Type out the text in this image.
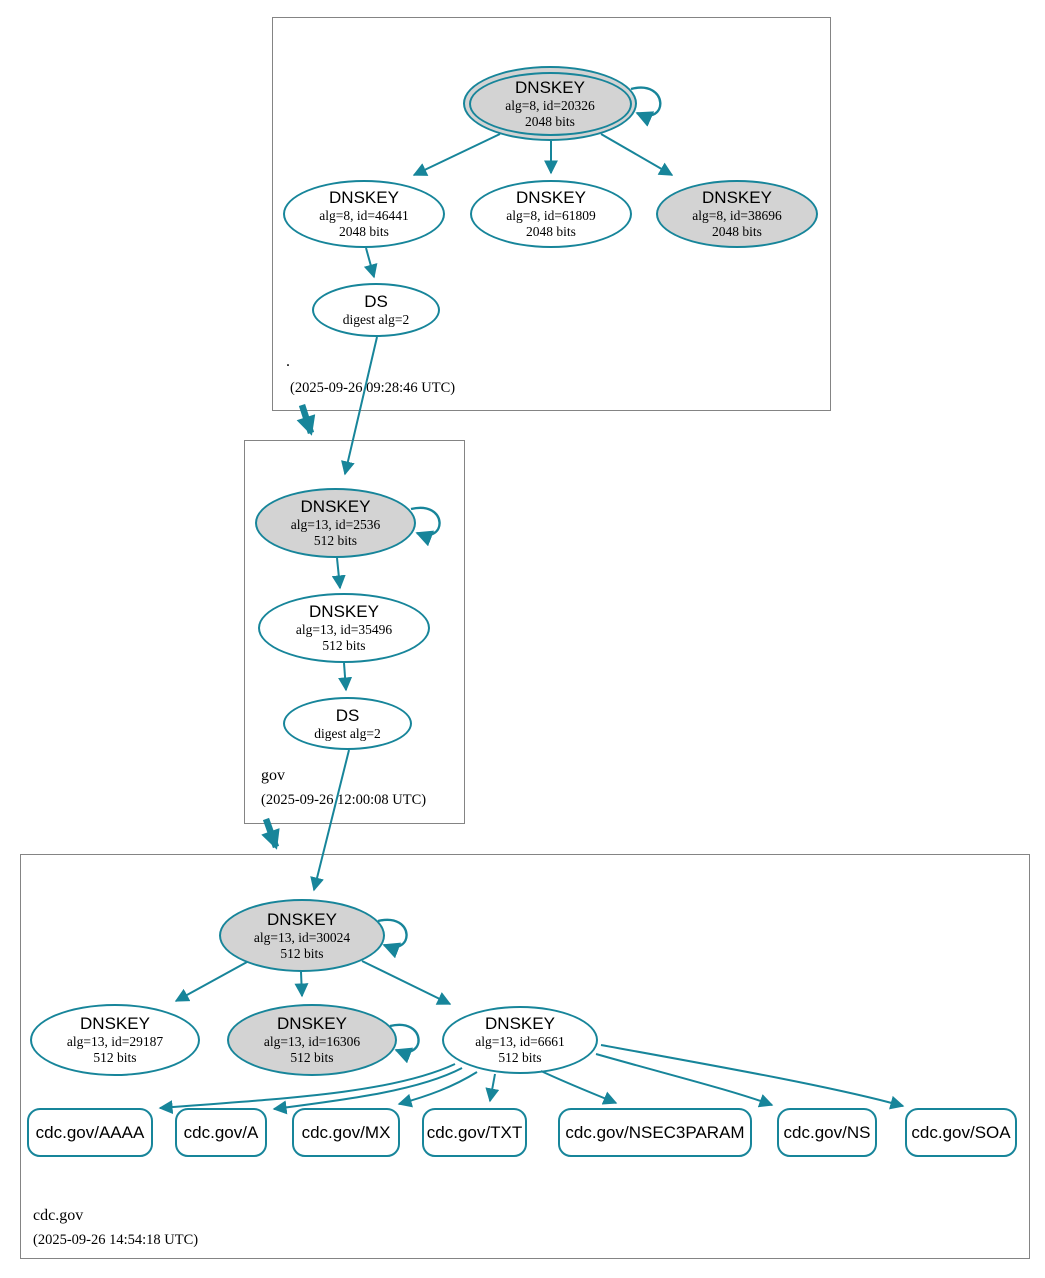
DNSKEY
alg=8, id=20326
2048 bits
DNSKEY
alg=8, id=46441
2048 bits
DNSKEY
alg=8, id=61809
2048 bits
DNSKEY
alg=8, id=38696
2048 bits
DS
digest alg=2
.
(2025-09-26 09:28:46 UTC)
DNSKEY
alg=13, id=2536
512 bits
DNSKEY
alg=13, id=35496
512 bits
DS
digest alg=2
gov
(2025-09-26 12:00:08 UTC)
DNSKEY
alg=13, id=30024
512 bits
DNSKEY
alg=13, id=29187
512 bits
DNSKEY
alg=13, id=16306
512 bits
DNSKEY
alg=13, id=6661
512 bits
cdc.gov/AAAA cdc.gov/A	cdc.gov/MX cdc.gov/TXT	cdc.gov/NSEC3PARAM cdc.gov/NS cdc.gov/SOA
cdc.gov
(2025-09-26 14:54:18 UTC)
